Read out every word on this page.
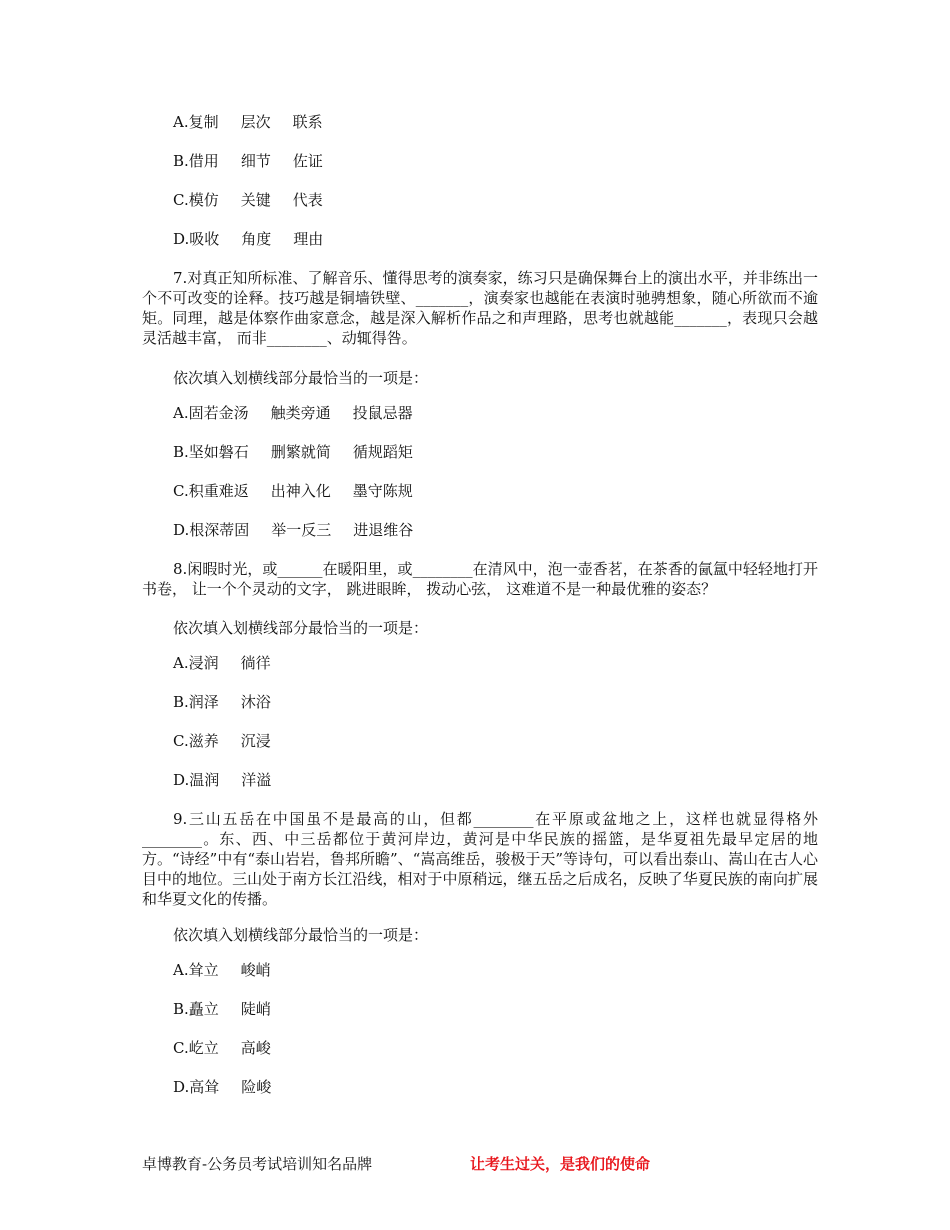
A.复制 层次 联系
B.借用 细节 佐证
C.模仿 关键 代表
D.吸收 角度 理由
7.对真正知所标准、了解音乐、懂得思考的演奏家，练习只是确保舞台上的演出水平，并非练出一个不可改变的诠释。技巧越是铜墙铁壁、_______，演奏家也越能在表演时驰骋想象，随心所欲而不逾矩。同理，越是体察作曲家意念，越是深入解析作品之和声理路，思考也就越能_______，表现只会越灵活越丰富， 而非________、动辄得咎。
依次填入划横线部分最恰当的一项是：
A.固若金汤 触类旁通 投鼠忌器
B.坚如磐石 删繁就简 循规蹈矩
C.积重难返 出神入化 墨守陈规
D.根深蒂固 举一反三 进退维谷
8.闲暇时光，或______在暖阳里，或________在清风中，泡一壶香茗，在茶香的氤氲中轻轻地打开书卷， 让一个个灵动的文字， 跳进眼眸， 拨动心弦， 这难道不是一种最优雅的姿态？
依次填入划横线部分最恰当的一项是：
A.浸润 徜徉
B.润泽 沐浴
C.滋养 沉浸
D.温润 洋溢
9.三山五岳在中国虽不是最高的山，但都________在平原或盆地之上，这样也就显得格外________。东、西、中三岳都位于黄河岸边，黄河是中华民族的摇篮，是华夏祖先最早定居的地方。“诗经”中有“泰山岩岩，鲁邦所瞻”、“嵩高维岳，骏极于天”等诗句，可以看出泰山、嵩山在古人心目中的地位。三山处于南方长江沿线，相对于中原稍远，继五岳之后成名，反映了华夏民族的南向扩展和华夏文化的传播。
依次填入划横线部分最恰当的一项是：
A.耸立 峻峭
B.矗立 陡峭
C.屹立 高峻
D.高耸 险峻
卓博教育-公务员考试培训知名品牌	让考生过关，是我们的使命
